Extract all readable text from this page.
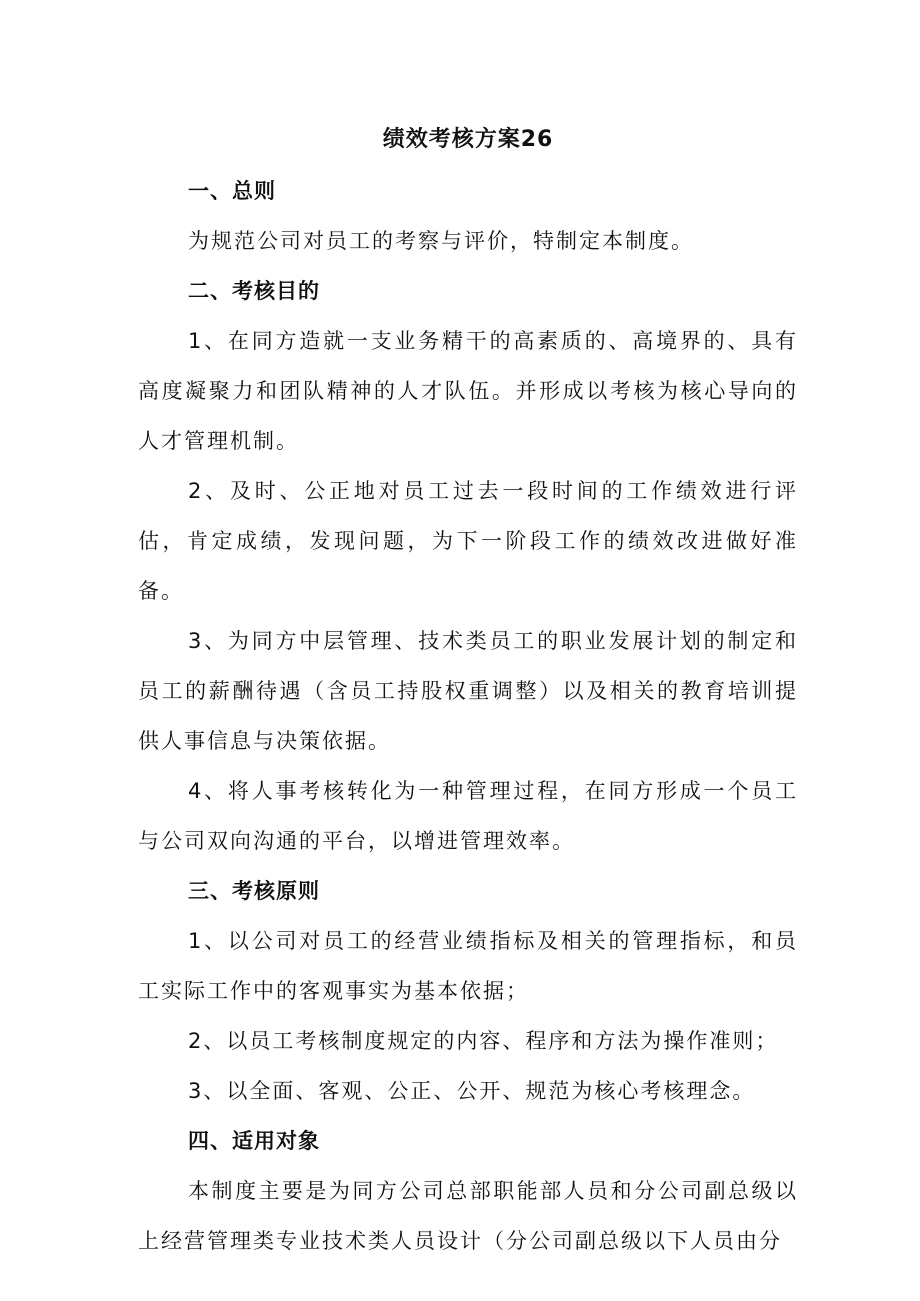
绩效考核方案26
一、总则

为规范公司对员工的考察与评价，特制定本制度。

二、考核目的

1、在同方造就一支业务精干的高素质的、高境界的、具有高度凝聚力和团队精神的人才队伍。并形成以考核为核心导向的人才管理机制。

2、及时、公正地对员工过去一段时间的工作绩效进行评估，肯定成绩，发现问题，为下一阶段工作的绩效改进做好准备。

3、为同方中层管理、技术类员工的职业发展计划的制定和员工的薪酬待遇（含员工持股权重调整）以及相关的教育培训提供人事信息与决策依据。

4、将人事考核转化为一种管理过程，在同方形成一个员工与公司双向沟通的平台，以增进管理效率。

三、考核原则

1、以公司对员工的经营业绩指标及相关的管理指标，和员工实际工作中的客观事实为基本依据；

2、以员工考核制度规定的内容、程序和方法为操作准则；

3、以全面、客观、公正、公开、规范为核心考核理念。

四、适用对象

本制度主要是为同方公司总部职能部人员和分公司副总级以上经营管理类专业技术类人员设计（分公司副总级以下人员由分
